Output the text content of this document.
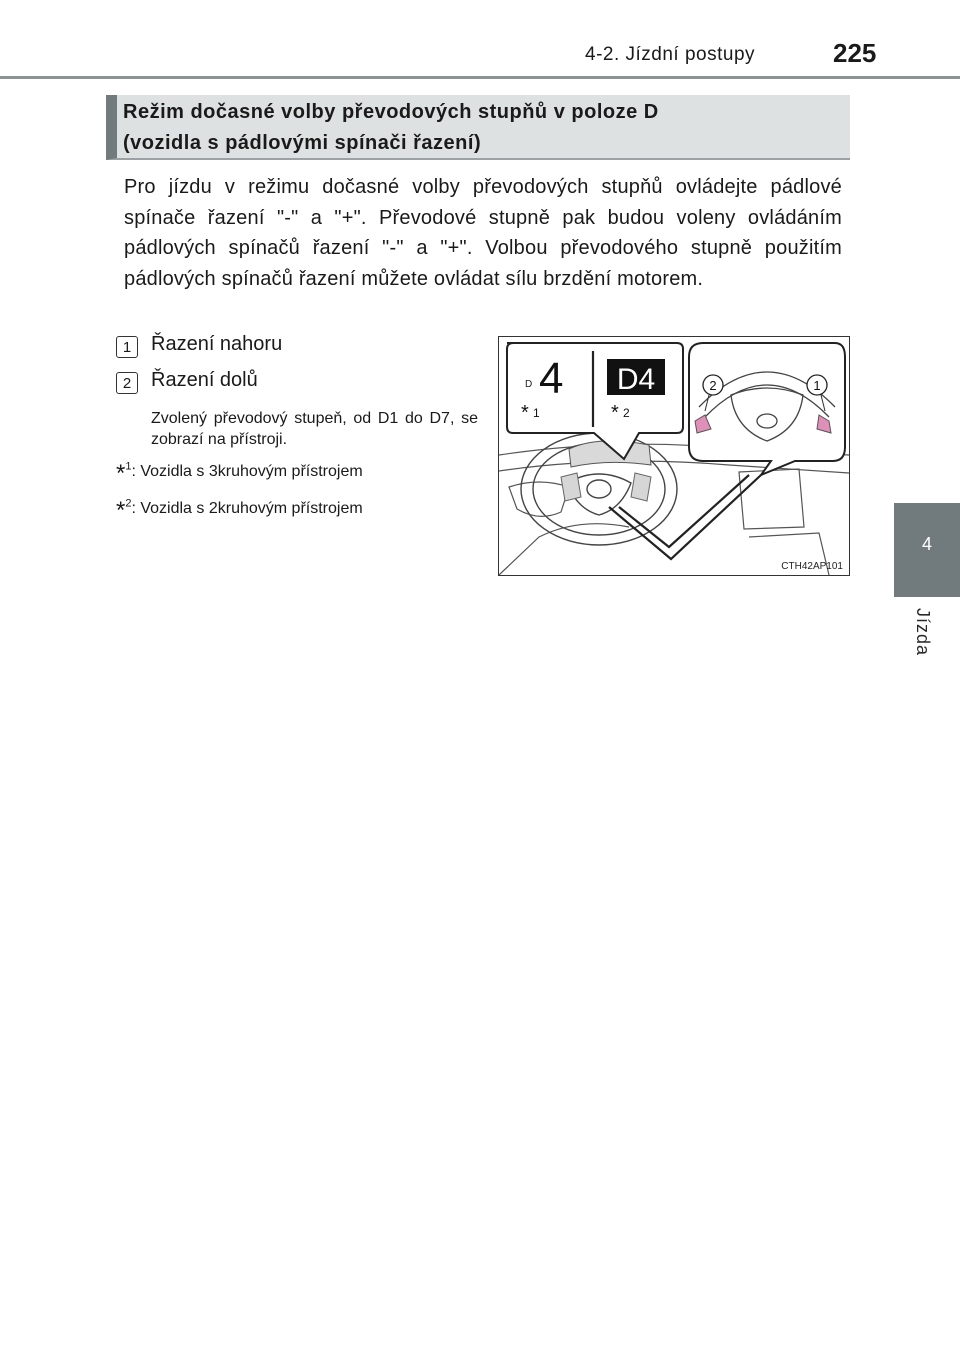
4-2. Jízdní postupy	225
4
Jízda
Režim dočasné volby převodových stupňů v poloze D
(vozidla s pádlovými spínači řazení)
Pro jízdu v režimu dočasné volby převodových stupňů ovládejte pádlové spínače řazení "-" a "+". Převodové stupně pak budou voleny ovládáním pádlových spínačů řazení "-" a "+". Volbou převodového stupně použitím pádlových spínačů řazení můžete ovládat sílu brzdění motorem.
1 Řazení nahoru
2 Řazení dolů
Zvolený převodový stupeň, od D1 do D7, se zobrazí na přístroji.
*$^1$: Vozidla s 3kruhovým přístrojem
*$^2$: Vozidla s 2kruhovým přístrojem
D 4 D4
* 1	* 2
2	1
CTH42AP101
